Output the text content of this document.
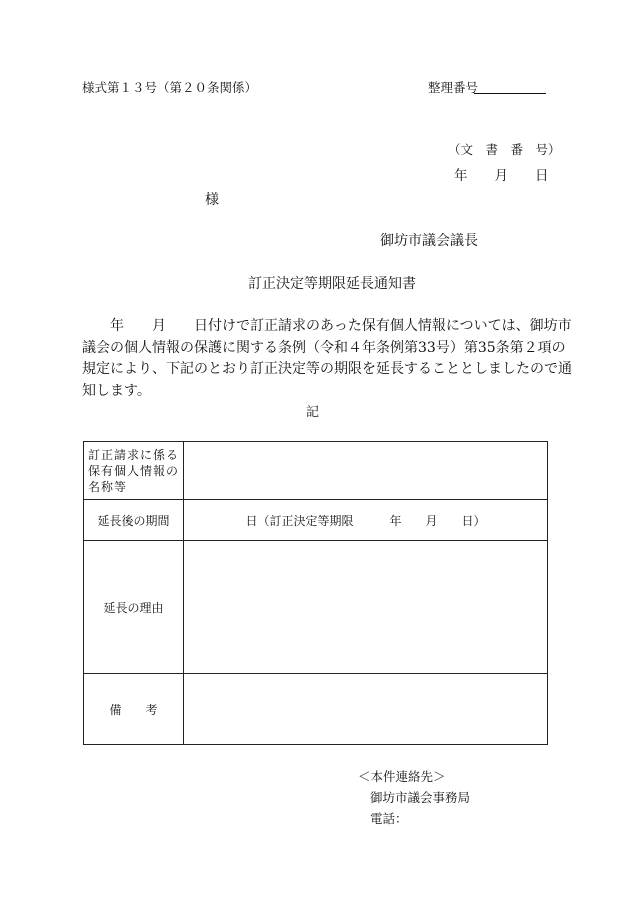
様式第１３号（第２０条関係）	整理番号
（文　書　番　号）
年　　月　　日
様
御坊市議会議長
訂正決定等期限延長通知書
　　年　　月　　日付けで訂正請求のあった保有個人情報については、御坊市
議会の個人情報の保護に関する条例（令和４年条例第33号）第35条第２項の
規定により、下記のとおり訂正決定等の期限を延長することとしましたので通
知します。
記
訂正請求に係る
保有個人情報の
名称等	

延長後の期間	日（訂正決定等期限　　　年　　月　　日）
延長の理由	
備　　考	
＜本件連絡先＞
御坊市議会事務局
電話：
